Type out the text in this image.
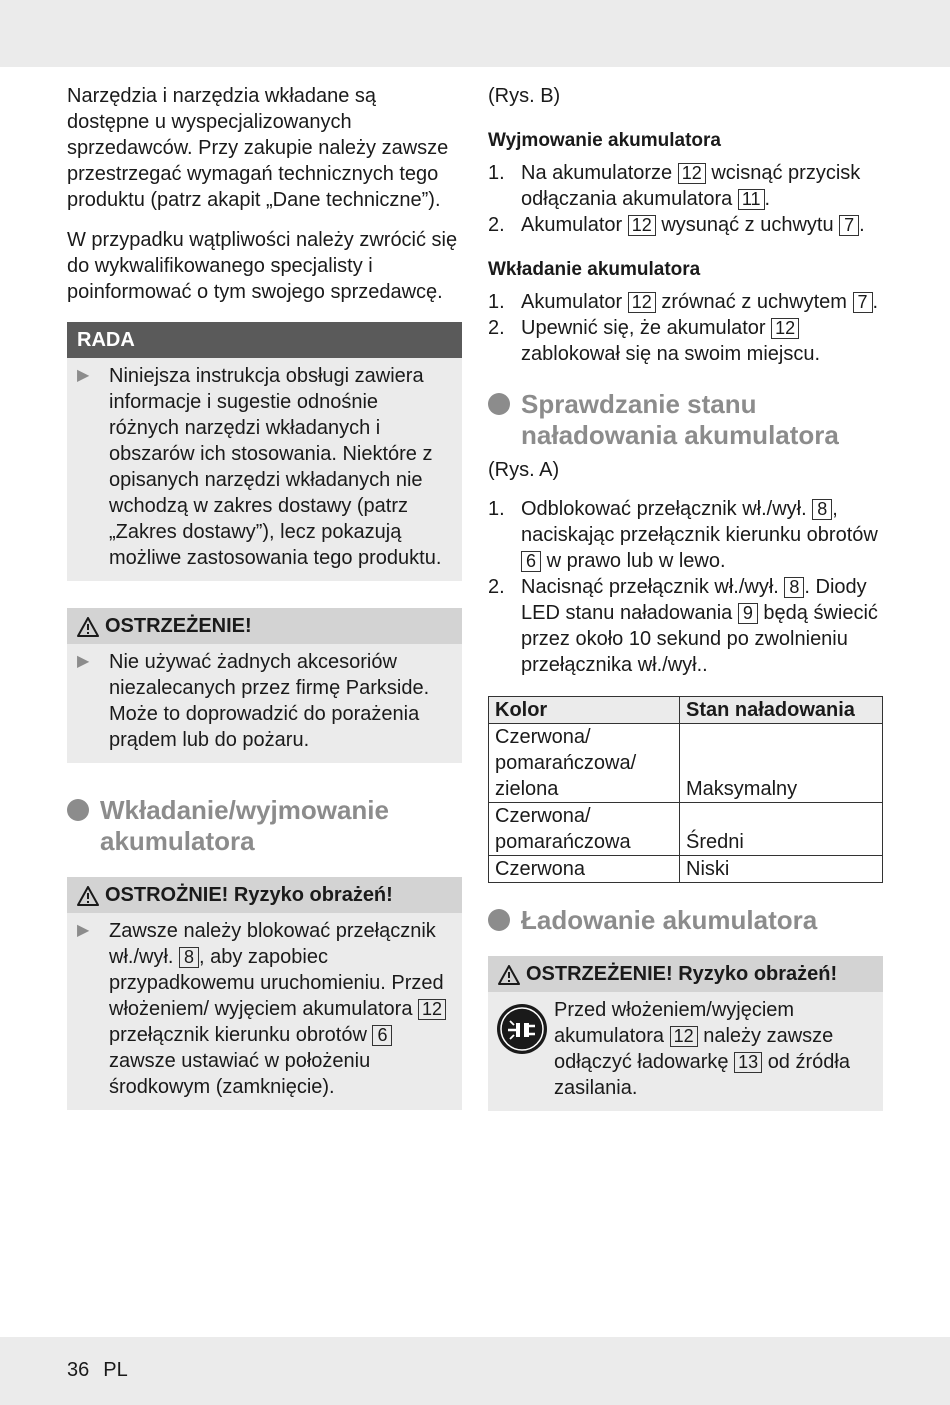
Narzędzia i narzędzia wkładane są dostępne u wyspecjalizowanych sprzedawców. Przy zakupie należy zawsze przestrzegać wymagań technicznych tego produktu (patrz akapit „Dane techniczne”).

W przypadku wątpliwości należy zwrócić się do wykwalifikowanego specjalisty i poinformować o tym swojego sprzedawcę.

RADA
▶ Niniejsza instrukcja obsługi zawiera informacje i sugestie odnośnie różnych narzędzi wkładanych i obszarów ich stosowania. Niektóre z opisanych narzędzi wkładanych nie wchodzą w zakres dostawy (patrz „Zakres dostawy”), lecz pokazują możliwe zastosowania tego produktu.

OSTRZEŻENIE!
▶ Nie używać żadnych akcesoriów niezalecanych przez firmę Parkside. Może to doprowadzić do porażenia prądem lub do pożaru.

Wkładanie/wyjmowanie akumulatora
OSTROŻNIE! Ryzyko obrażeń!
▶ Zawsze należy blokować przełącznik wł./wył. 8 , aby zapobiec przypadkowemu uruchomieniu. Przed włożeniem/ wyjęciem akumulatora 12 przełącznik kierunku obrotów 6 zawsze ustawiać w położeniu środkowym (zamknięcie).

(Rys. B)

Wyjmowanie akumulatora
1. Na akumulatorze 12 wcisnąć przycisk odłączania akumulatora 11 .
2. Akumulator 12 wysunąć z uchwytu 7 .
Wkładanie akumulatora
1. Akumulator 12 zrównać z uchwytem 7 .
2. Upewnić się, że akumulator 12 zablokował się na swoim miejscu.
Sprawdzanie stanu naładowania akumulatora

(Rys. A)

1. Odblokować przełącznik wł./wył. 8 , naciskając przełącznik kierunku obrotów 6 w prawo lub w lewo.
2. Nacisnąć przełącznik wł./wył. 8 . Diody LED stanu naładowania 9 będą świecić przez około 10 sekund po zwolnieniu przełącznika wł./wył..
Kolor	Stan naładowania
Czerwona/ pomarańczowa/ zielona	Maksymalny
Czerwona/ pomarańczowa	Średni
Czerwona	Niski
Ładowanie akumulatora
OSTRZEŻENIE! Ryzyko obrażeń!

Przed włożeniem/wyjęciem akumulatora 12 należy zawsze odłączyć ładowarkę 13 od źródła zasilania.

36 PL
